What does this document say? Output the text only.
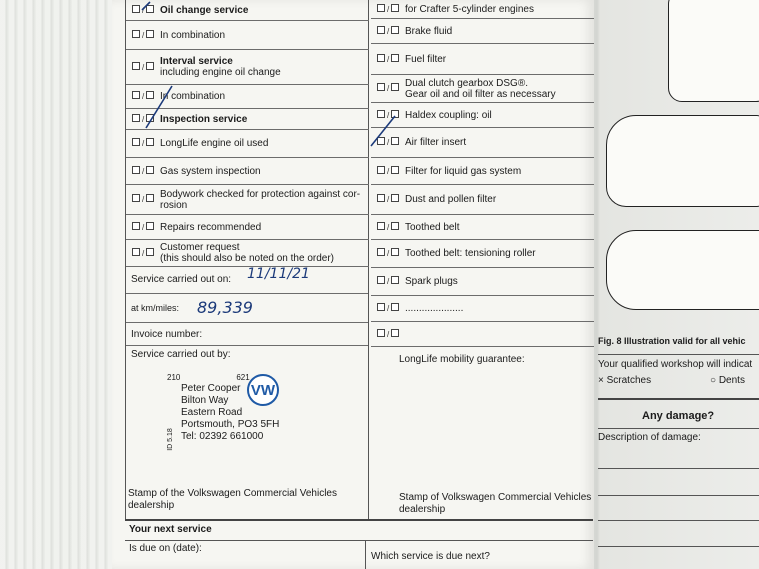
/ Oil change service
/ In combination
/ Interval service
including engine oil change
/ In combination
/ Inspection service
/ LongLife engine oil used
/ Gas system inspection
/ Bodywork checked for protection against cor-
rosion
/ Repairs recommended
/ Customer request
(this should also be noted on the order)
/ for Crafter 5-cylinder engines
/ Brake fluid
/ Fuel filter
/ Dual clutch gearbox DSG®.
Gear oil and oil filter as necessary
/ Haldex coupling: oil
/ Air filter insert
/ Filter for liquid gas system
/ Dust and pollen filter
/ Toothed belt
/ Toothed belt: tensioning roller
/ Spark plugs
/ .....................
/
Service carried out on: 11/11/21
at km/miles: 89,339
Invoice number:
Service carried out by:	LongLife mobility guarantee:
VW
210	621
Peter Cooper
Bilton Way
Eastern Road
Portsmouth, PO3 5FH
Tel: 02392 661000
ID 5.18
Stamp of the Volkswagen Commercial Vehicles dealership
Stamp of Volkswagen Commercial Vehicles dealership
Your next service
Is due on (date):
Which service is due next?
Fig. 8 Illustration valid for all vehic
Your qualified workshop will indicat
× Scratches	○ Dents
Any damage?
Description of damage:
